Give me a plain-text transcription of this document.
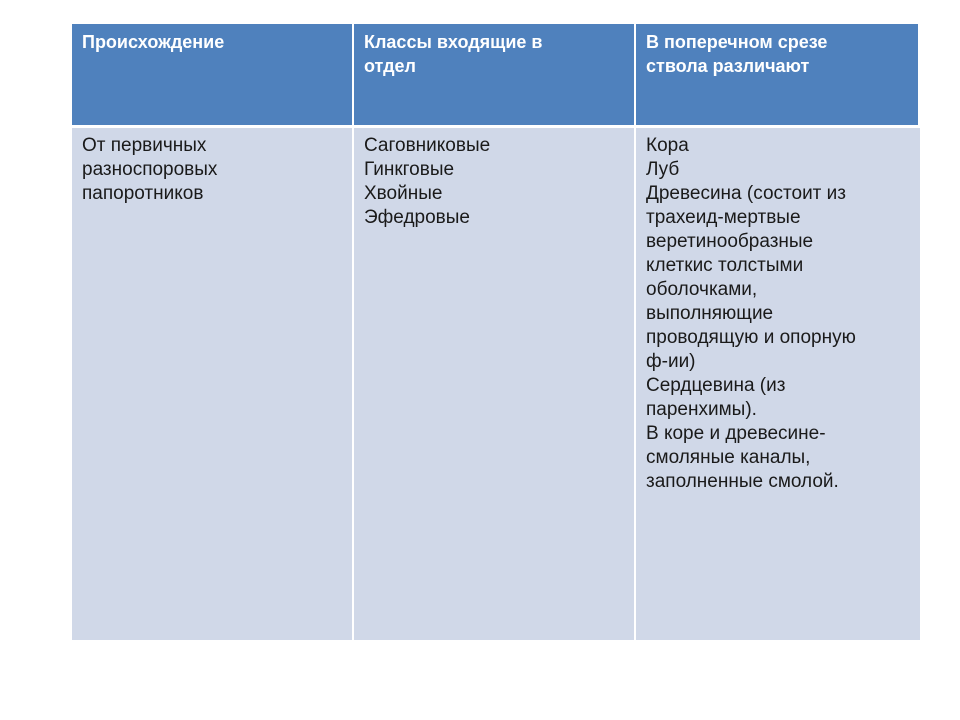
Происхождение	Классы входящие в
отдел
В поперечном срезе
ствола различают
От первичных
разноспоровых
папоротников
Саговниковые
Гинкговые
Хвойные
Эфедровые
Кора
Луб
Древесина (состоит из
трахеид-мертвые
веретинообразные
клеткис толстыми
оболочками,
выполняющие
проводящую и опорную
ф-ии)
Сердцевина (из
паренхимы).
В коре и древесине-
смоляные каналы,
заполненные смолой.
